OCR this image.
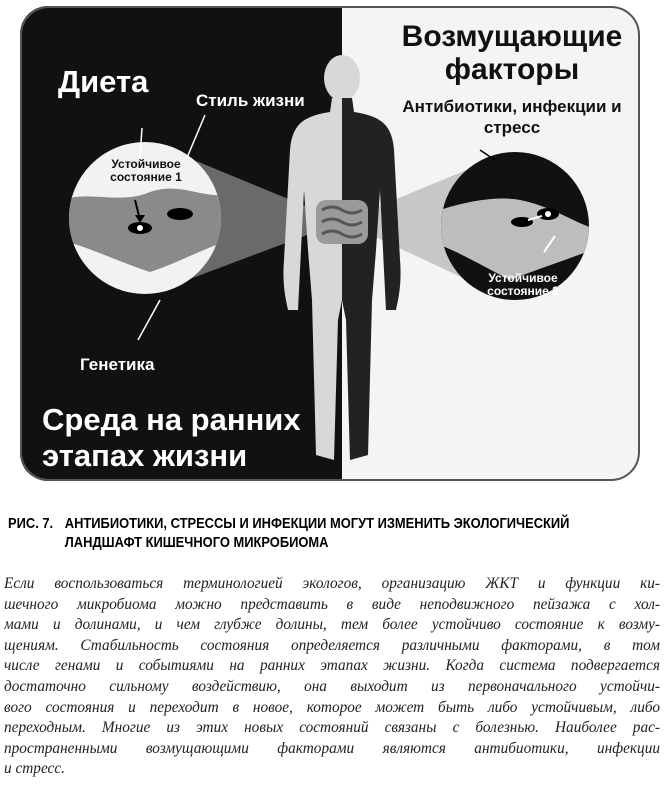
Диета
Стиль жизни
Устойчивое состояние 1
Генетика
Среда на ранних этапах жизни
Возмущающие факторы
Антибиотики, инфекции и стресс
Устойчивое состояние 2
РИС. 7. АНТИБИОТИКИ, СТРЕССЫ И ИНФЕКЦИИ МОГУТ ИЗМЕНИТЬ ЭКОЛОГИЧЕСКИЙ
ЛАНДШАФТ КИШЕЧНОГО МИКРОБИОМА
Если воспользоваться терминологией экологов, организацию ЖКТ и функции ки-
шечного микробиома можно представить в виде неподвижного пейзажа с хол-
мами и долинами, и чем глубже долины, тем более устойчиво состояние к возму-
щениям. Стабильность состояния определяется различными факторами, в том
числе генами и событиями на ранних этапах жизни. Когда система подвергается
достаточно сильному воздействию, она выходит из первоначального устойчи-
вого состояния и переходит в новое, которое может быть либо устойчивым, либо
переходным. Многие из этих новых состояний связаны с болезнью. Наиболее рас-
пространенными возмущающими факторами являются антибиотики, инфекции
и стресс.
